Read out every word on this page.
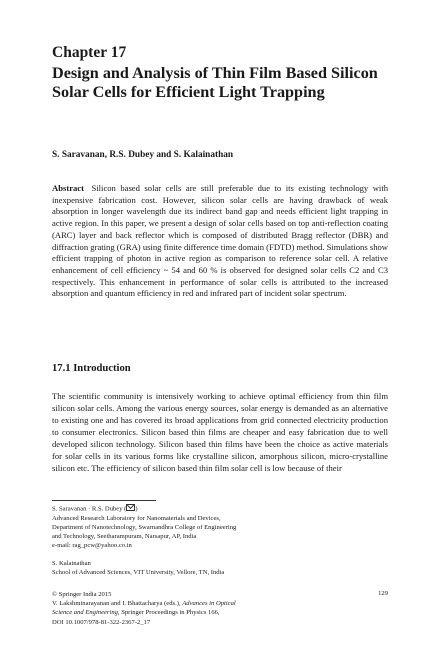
Chapter 17
Design and Analysis of Thin Film Based Silicon Solar Cells for Efficient Light Trapping
S. Saravanan, R.S. Dubey and S. Kalainathan
Abstract Silicon based solar cells are still preferable due to its existing technology with inexpensive fabrication cost. However, silicon solar cells are having drawback of weak absorption in longer wavelength due its indirect band gap and needs efficient light trapping in active region. In this paper, we present a design of solar cells based on top anti-reflection coating (ARC) layer and back reflector which is composed of distributed Bragg reflector (DBR) and diffraction grating (GRA) using finite difference time domain (FDTD) method. Simulations show efficient trapping of photon in active region as comparison to reference solar cell. A relative enhancement of cell efficiency ~ 54 and 60 % is observed for designed solar cells C2 and C3 respectively. This enhancement in performance of solar cells is attributed to the increased absorption and quantum efficiency in red and infrared part of incident solar spectrum.
17.1 Introduction
The scientific community is intensively working to achieve optimal efficiency from thin film silicon solar cells. Among the various energy sources, solar energy is demanded as an alternative to existing one and has covered its broad applications from grid connected electricity production to consumer electronics. Silicon based thin films are cheaper and easy fabrication due to well developed silicon technology. Silicon based thin films have been the choice as active materials for solar cells in its various forms like crystalline silicon, amorphous silicon, micro-crystalline silicon etc. The efficiency of silicon based thin film solar cell is low because of their
S. Saravanan · R.S. Dubey ( )
Advanced Research Laboratory for Nanomaterials and Devices,
Department of Nanotechnology, Swarnandhra College of Engineering
and Technology, Seetharampuram, Narsapur, AP, India
e-mail: rag_pcw@yahoo.co.in
S. Kalainathan
School of Advanced Sciences, VIT University, Vellore, TN, India
© Springer India 2015
V. Lakshminarayanan and I. Bhattacharya (eds.), Advances in Optical
Science and Engineering, Springer Proceedings in Physics 166,
DOI 10.1007/978-81-322-2367-2_17
129
